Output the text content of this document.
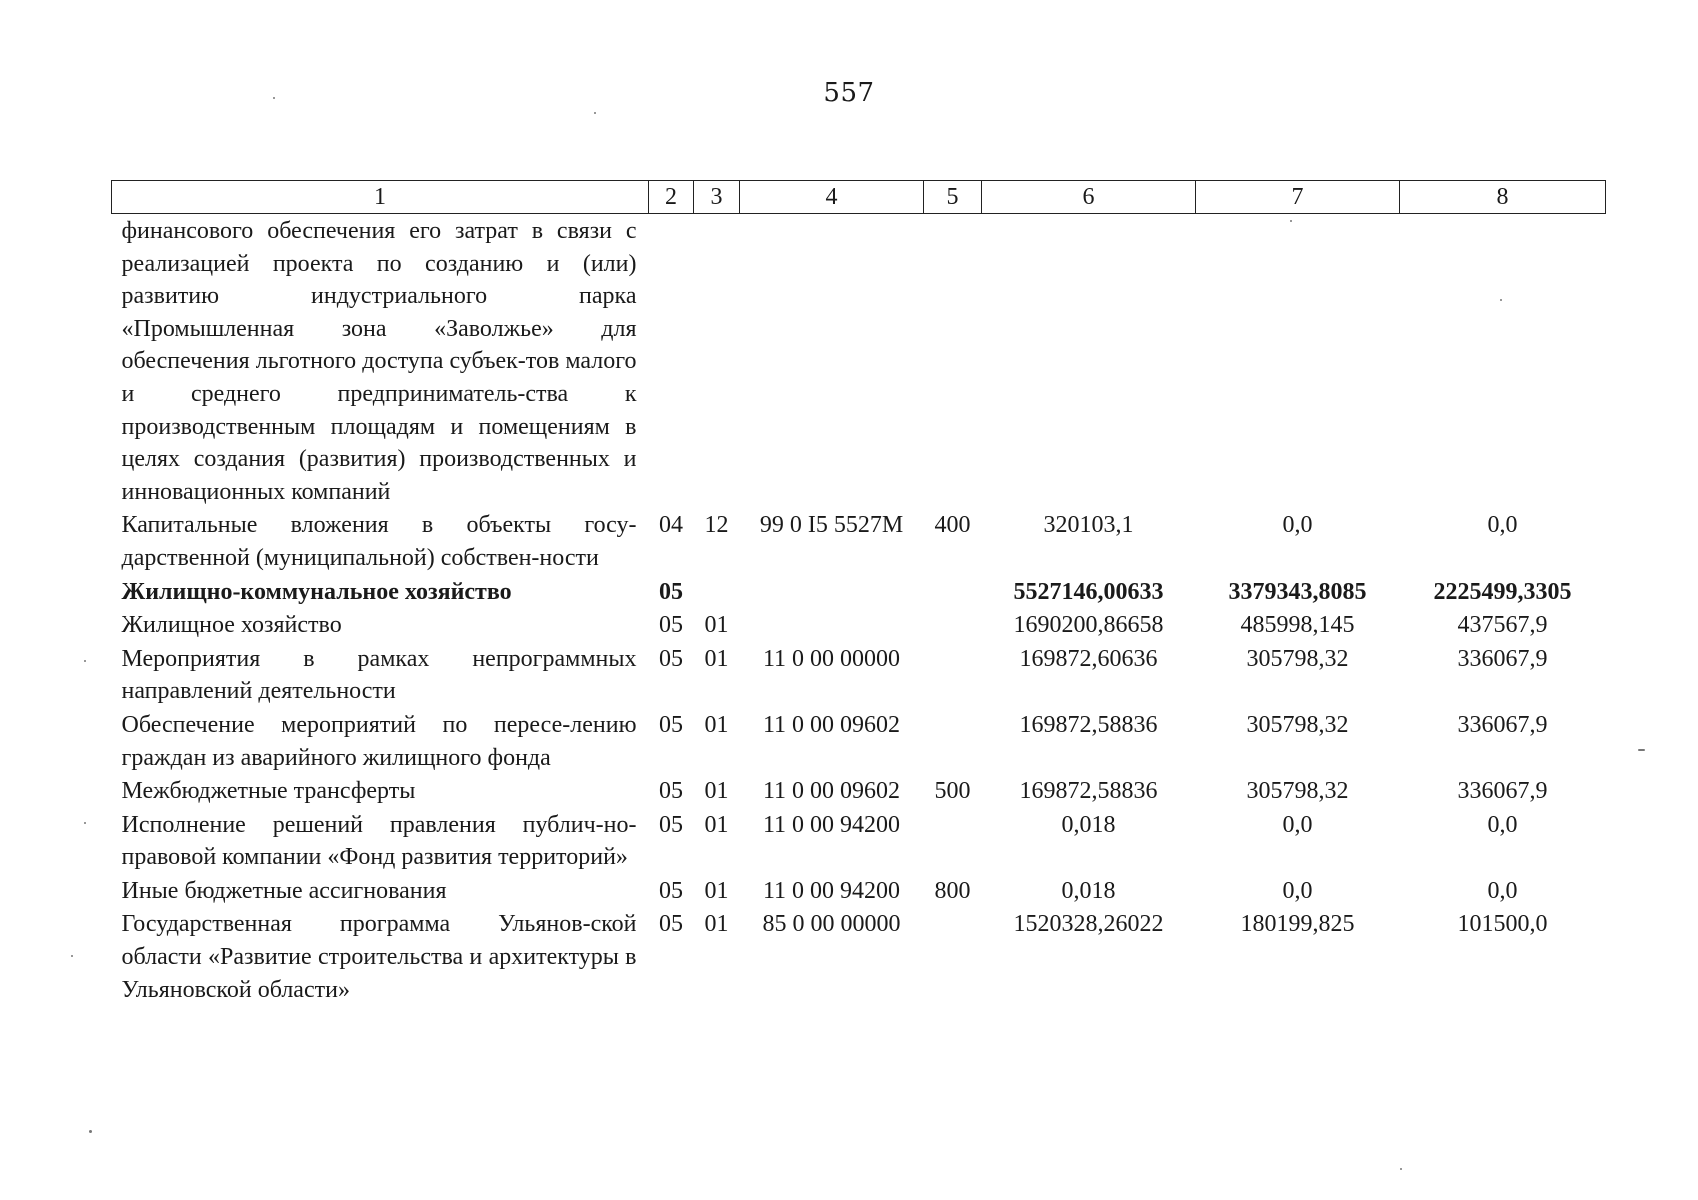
557
1	2	3	4	5	6	7	8
финансового обеспечения его затрат в связи с реализацией проекта по созданию и (или) развитию индустриального парка «Промышленная зона «Заволжье» для обеспечения льготного доступа субъек-тов малого и среднего предприниматель-ства к производственным площадям и помещениям в целях создания (развития) производственных и инновационных компаний							
Капитальные вложения в объекты госу-дарственной (муниципальной) собствен-ности	04	12	99 0 I5 5527M	400	320103,1	0,0	0,0
Жилищно-коммунальное хозяйство	05				5527146,00633	3379343,8085	2225499,3305
Жилищное хозяйство	05	01			1690200,86658	485998,145	437567,9
Мероприятия в рамках непрограммных направлений деятельности	05	01	11 0 00 00000		169872,60636	305798,32	336067,9
Обеспечение мероприятий по пересе-лению граждан из аварийного жилищного фонда	05	01	11 0 00 09602		169872,58836	305798,32	336067,9
Межбюджетные трансферты	05	01	11 0 00 09602	500	169872,58836	305798,32	336067,9
Исполнение решений правления публич-но-правовой компании «Фонд развития территорий»	05	01	11 0 00 94200		0,018	0,0	0,0
Иные бюджетные ассигнования	05	01	11 0 00 94200	800	0,018	0,0	0,0
Государственная программа Ульянов-ской области «Развитие строительства и архитектуры в Ульяновской области»	05	01	85 0 00 00000		1520328,26022	180199,825	101500,0
